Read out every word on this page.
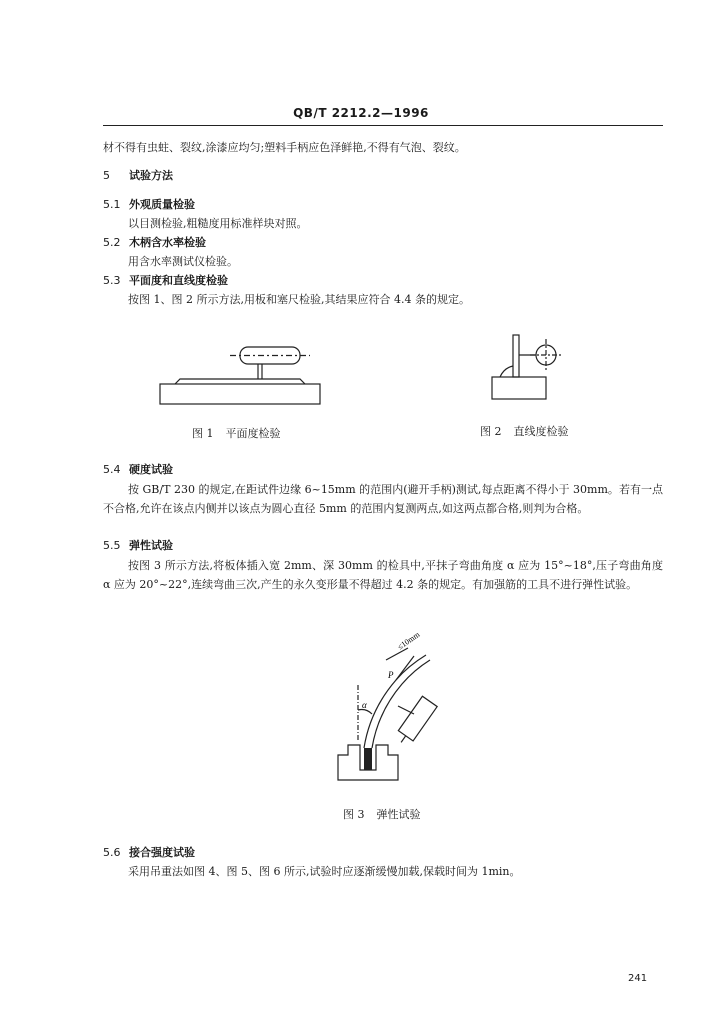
QB/T 2212.2—1996
材不得有虫蛀、裂纹,涂漆应均匀;塑料手柄应色泽鲜艳,不得有气泡、裂纹。
5 试验方法
5.1 外观质量检验
以目测检验,粗糙度用标准样块对照。
5.2 木柄含水率检验
用含水率测试仪检验。
5.3 平面度和直线度检验
按图 1、图 2 所示方法,用板和塞尺检验,其结果应符合 4.4 条的规定。
图 1 平面度检验	图 2 直线度检验
5.4 硬度试验
按 GB/T 230 的规定,在距试件边缘 6~15mm 的范围内(避开手柄)测试,每点距离不得小于 30mm。若有一点不合格,允许在该点内侧并以该点为圆心直径 5mm 的范围内复测两点,如这两点都合格,则判为合格。
5.5 弹性试验
按图 3 所示方法,将板体插入宽 2mm、深 30mm 的检具中,平抹子弯曲角度 α 应为 15°~18°,压子弯曲角度 α 应为 20°~22°,连续弯曲三次,产生的永久变形量不得超过 4.2 条的规定。有加强筋的工具不进行弹性试验。
≤10mm
α
P
图 3 弹性试验
5.6 接合强度试验
采用吊重法如图 4、图 5、图 6 所示,试验时应逐渐缓慢加载,保载时间为 1min。
241
